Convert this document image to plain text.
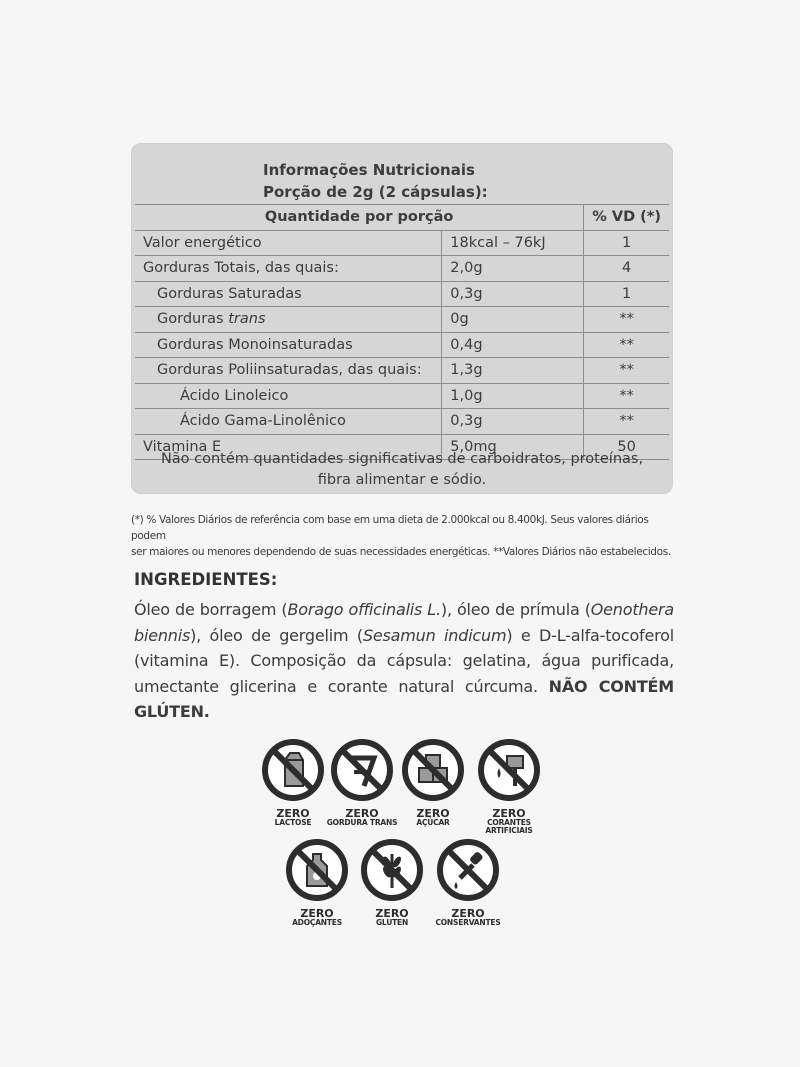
Informações Nutricionais
Porção de 2g (2 cápsulas):
Quantidade por porção		% VD (*)
Valor energético	18kcal – 76kJ	1
Gorduras Totais, das quais:	2,0g	4
Gorduras Saturadas	0,3g	1
Gorduras trans	0g	**
Gorduras Monoinsaturadas	0,4g	**
Gorduras Poliinsaturadas, das quais:	1,3g	**
Ácido Linoleico	1,0g	**
Ácido Gama-Linolênico	0,3g	**
Vitamina E	5,0mg	50
Não contém quantidades significativas de carboidratos, proteínas,
fibra alimentar e sódio.
(*) % Valores Diários de referência com base em uma dieta de 2.000kcal ou 8.400kJ. Seus valores diários podem
ser maiores ou menores dependendo de suas necessidades energéticas. **Valores Diários não estabelecidos.
INGREDIENTES:
Óleo de borragem (Borago officinalis L.), óleo de prímula (Oenothera biennis), óleo de gergelim (Sesamun indicum) e D-L-alfa-tocoferol (vitamina E). Composição da cápsula: gelatina, água purificada, umectante glicerina e corante natural cúrcuma. NÃO CONTÉM GLÚTEN.
ZERO
LACTOSE
ZERO
GORDURA TRANS
ZERO
AÇÚCAR
ZERO
CORANTES
ARTIFICIAIS
ZERO
ADOÇANTES
ZERO
GLUTEN
ZERO
CONSERVANTES
